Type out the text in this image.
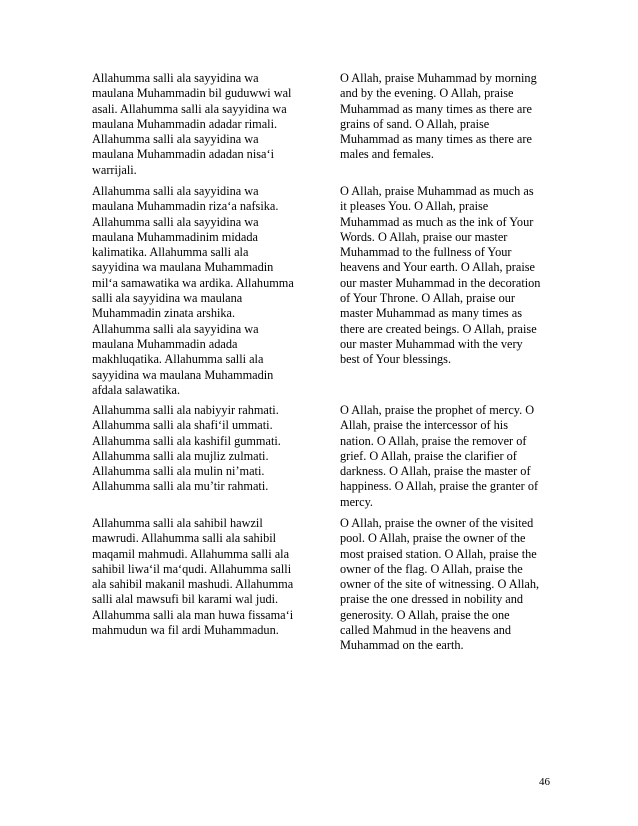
Allahumma salli ala sayyidina wa
maulana Muhammadin bil guduwwi wal
asali. Allahumma salli ala sayyidina wa
maulana Muhammadin adadar rimali.
Allahumma salli ala sayyidina wa
maulana Muhammadin adadan nisa‘i
warrijali.

O Allah, praise Muhammad by morning
and by the evening. O Allah, praise
Muhammad as many times as there are
grains of sand. O Allah, praise
Muhammad as many times as there are
males and females.

Allahumma salli ala sayyidina wa
maulana Muhammadin riza‘a nafsika.
Allahumma salli ala sayyidina wa
maulana Muhammadinim midada
kalimatika. Allahumma salli ala
sayyidina wa maulana Muhammadin
mil‘a samawatika wa ardika. Allahumma
salli ala sayyidina wa maulana
Muhammadin zinata arshika.
Allahumma salli ala sayyidina wa
maulana Muhammadin adada
makhluqatika. Allahumma salli ala
sayyidina wa maulana Muhammadin
afdala salawatika.

O Allah, praise Muhammad as much as
it pleases You. O Allah, praise
Muhammad as much as the ink of Your
Words. O Allah, praise our master
Muhammad to the fullness of Your
heavens and Your earth. O Allah, praise
our master Muhammad in the decoration
of Your Throne. O Allah, praise our
master Muhammad as many times as
there are created beings. O Allah, praise
our master Muhammad with the very
best of Your blessings.

Allahumma salli ala nabiyyir rahmati.
Allahumma salli ala shafi‘il ummati.
Allahumma salli ala kashifil gummati.
Allahumma salli ala mujliz zulmati.
Allahumma salli ala mulin ni’mati.
Allahumma salli ala mu’tir rahmati.

O Allah, praise the prophet of mercy. O
Allah, praise the intercessor of his
nation. O Allah, praise the remover of
grief. O Allah, praise the clarifier of
darkness. O Allah, praise the master of
happiness. O Allah, praise the granter of
mercy.

Allahumma salli ala sahibil hawzil
mawrudi. Allahumma salli ala sahibil
maqamil mahmudi. Allahumma salli ala
sahibil liwa‘il ma‘qudi. Allahumma salli
ala sahibil makanil mashudi. Allahumma
salli alal mawsufi bil karami wal judi.
Allahumma salli ala man huwa fissama‘i
mahmudun wa fil ardi Muhammadun.

O Allah, praise the owner of the visited
pool. O Allah, praise the owner of the
most praised station. O Allah, praise the
owner of the flag. O Allah, praise the
owner of the site of witnessing. O Allah,
praise the one dressed in nobility and
generosity. O Allah, praise the one
called Mahmud in the heavens and
Muhammad on the earth.

46
